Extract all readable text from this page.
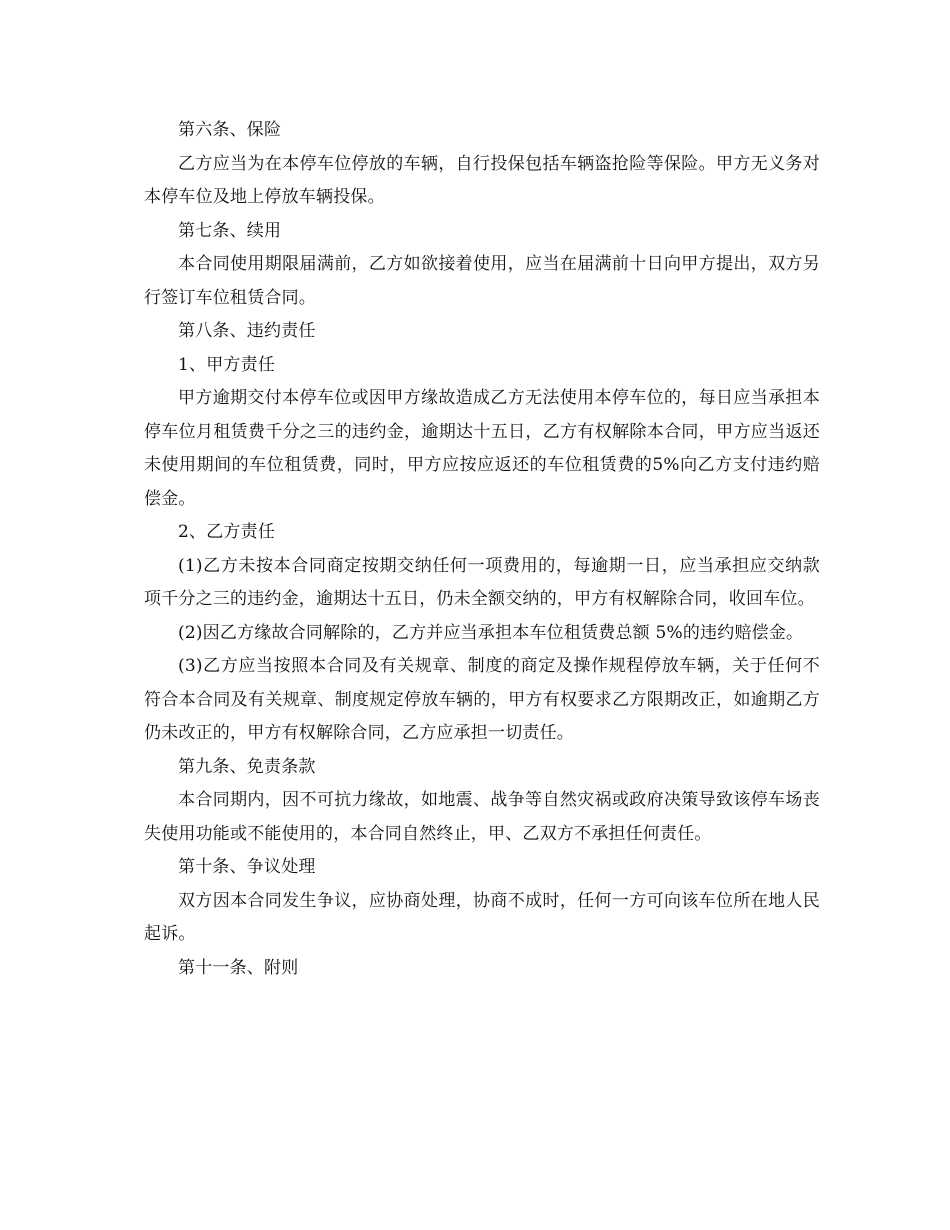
第六条、保险

乙方应当为在本停车位停放的车辆，自行投保包括车辆盗抢险等保险。甲方无义务对本停车位及地上停放车辆投保。

第七条、续用

本合同使用期限届满前，乙方如欲接着使用，应当在届满前十日向甲方提出，双方另行签订车位租赁合同。

第八条、违约责任

1、甲方责任

甲方逾期交付本停车位或因甲方缘故造成乙方无法使用本停车位的，每日应当承担本停车位月租赁费千分之三的违约金，逾期达十五日，乙方有权解除本合同，甲方应当返还未使用期间的车位租赁费，同时，甲方应按应返还的车位租赁费的5%向乙方支付违约赔偿金。

2、乙方责任

(1)乙方未按本合同商定按期交纳任何一项费用的，每逾期一日，应当承担应交纳款项千分之三的违约金，逾期达十五日，仍未全额交纳的，甲方有权解除合同，收回车位。

(2)因乙方缘故合同解除的，乙方并应当承担本车位租赁费总额 5%的违约赔偿金。

(3)乙方应当按照本合同及有关规章、制度的商定及操作规程停放车辆，关于任何不符合本合同及有关规章、制度规定停放车辆的，甲方有权要求乙方限期改正，如逾期乙方仍未改正的，甲方有权解除合同，乙方应承担一切责任。

第九条、免责条款

本合同期内，因不可抗力缘故，如地震、战争等自然灾祸或政府决策导致该停车场丧失使用功能或不能使用的，本合同自然终止，甲、乙双方不承担任何责任。

第十条、争议处理

双方因本合同发生争议，应协商处理，协商不成时，任何一方可向该车位所在地人民起诉。

第十一条、附则
